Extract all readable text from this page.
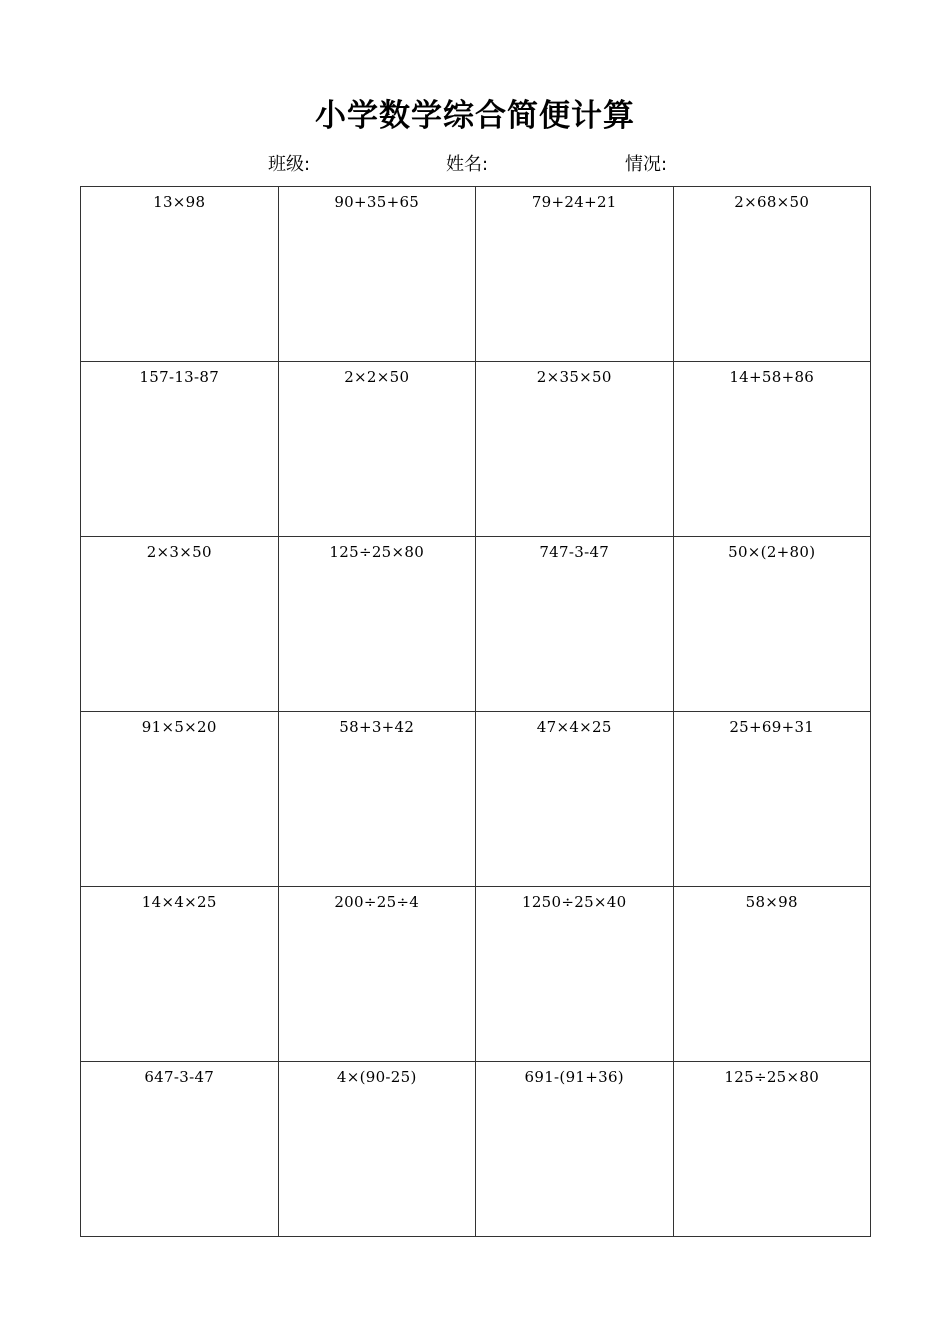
小学数学综合简便计算
班级:	姓名:	情况:
13×98	90+35+65	79+24+21	2×68×50
157-13-87	2×2×50	2×35×50	14+58+86
2×3×50	125÷25×80	747-3-47	50×(2+80)
91×5×20	58+3+42	47×4×25	25+69+31
14×4×25	200÷25÷4	1250÷25×40	58×98
647-3-47	4×(90-25)	691-(91+36)	125÷25×80
